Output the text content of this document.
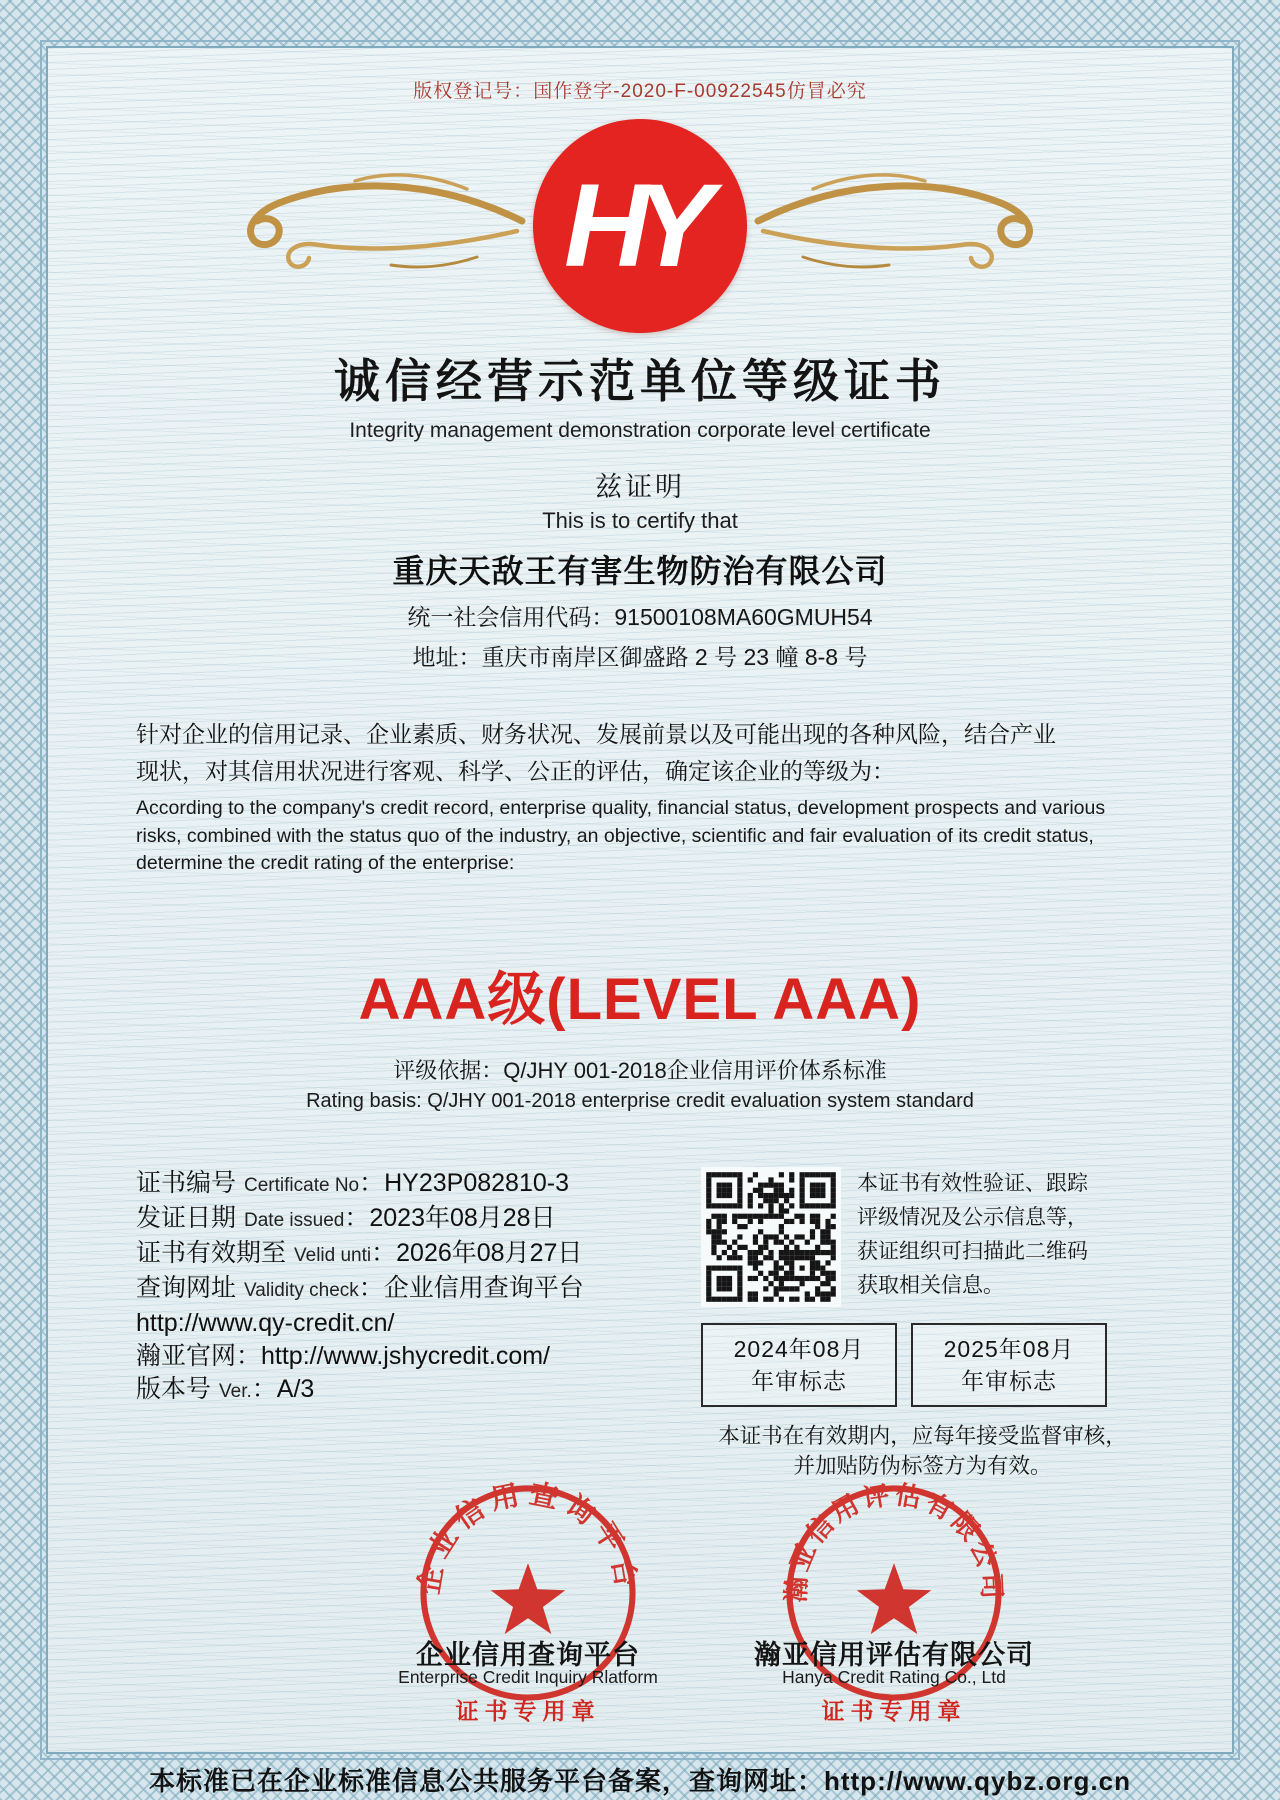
版权登记号：国作登字-2020-F-00922545仿冒必究
HY
诚信经营示范单位等级证书
Integrity management demonstration corporate level certificate
兹证明
This is to certify that
重庆天敌王有害生物防治有限公司
统一社会信用代码：91500108MA60GMUH54
地址：重庆市南岸区御盛路 2 号 23 幢 8-8 号
针对企业的信用记录、企业素质、财务状况、发展前景以及可能出现的各种风险，结合产业
现状，对其信用状况进行客观、科学、公正的评估，确定该企业的等级为：
According to the company's credit record, enterprise quality, financial status, development prospects and various risks, combined with the status quo of the industry, an objective, scientific and fair evaluation of its credit status, determine the credit rating of the enterprise:
AAA级(LEVEL AAA)
评级依据：Q/JHY 001-2018企业信用评价体系标准
Rating basis: Q/JHY 001-2018 enterprise credit evaluation system standard
证书编号 Certificate No ：HY23P082810-3
发证日期 Date issued ：2023年08月28日
证书有效期至 Velid unti ：2026年08月27日
查询网址 Validity check ：企业信用查询平台
http://www.qy-credit.cn/
瀚亚官网 ：http://www.jshycredit.com/
版本号 Ver. ：A/3
本证书有效性验证、跟踪
评级情况及公示信息等，
获证组织可扫描此二维码
获取相关信息。
2024年08月
年审标志
2025年08月
年审标志
本证书在有效期内，应每年接受监督审核，
并加贴防伪标签方为有效。
企业信用查询平台
企业信用查询平台
Enterprise Credit Inquiry Rlatform
证书专用章
瀚亚信用评估有限公司
瀚亚信用评估有限公司
Hanya Credit Rating Co., Ltd
证书专用章
本标准已在企业标准信息公共服务平台备案，查询网址：http://www.qybz.org.cn
